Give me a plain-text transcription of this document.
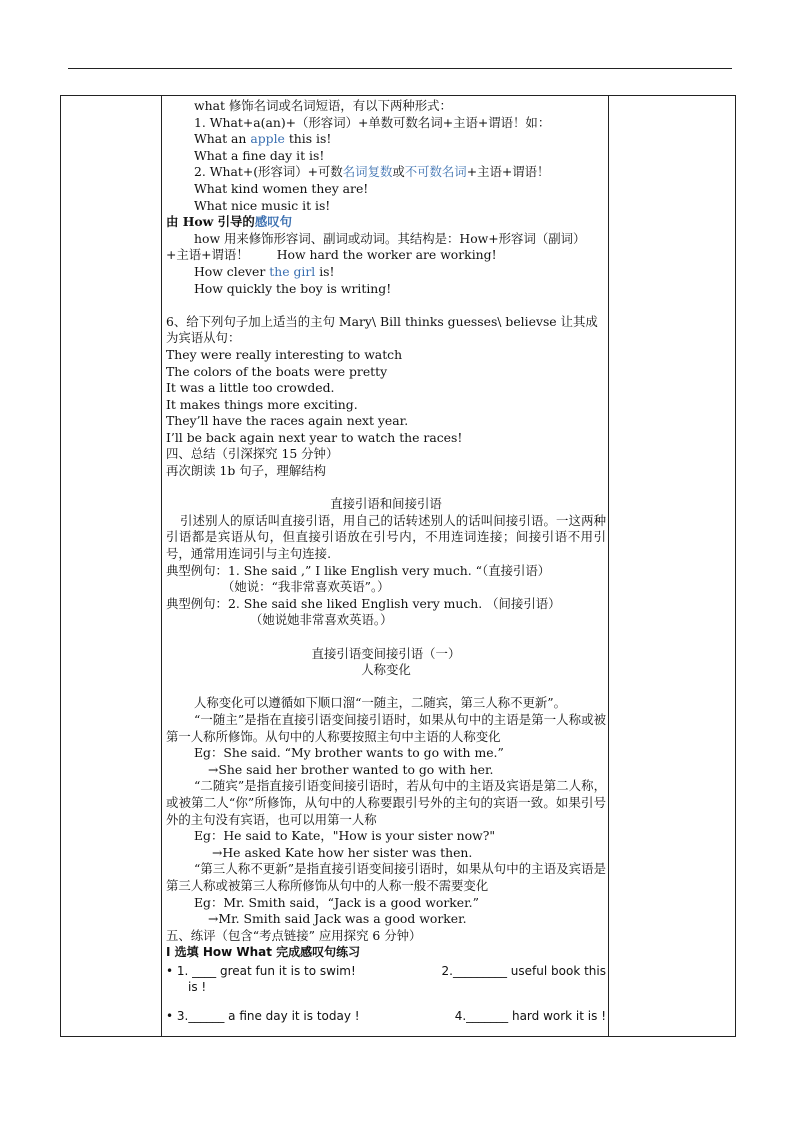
what 修饰名词或名词短语，有以下两种形式：
1. What+a(an)+（形容词）+单数可数名词+主语+谓语！如：
What an apple this is!
What a fine day it is!
2. What+(形容词）+可数名词复数或不可数名词+主语+谓语！
What kind women they are!
What nice music it is!
由 How 引导的感叹句
how 用来修饰形容词、副词或动词。其结构是：How+形容词（副词）
+主语+谓语！ How hard the worker are working!
How clever the girl is!
How quickly the boy is writing!
6、给下列句子加上适当的主句 Mary\ Bill thinks guesses\ believse 让其成
为宾语从句：
They were really interesting to watch
The colors of the boats were pretty
It was a little too crowded.
It makes things more exciting.
They’ll have the races again next year.
I’ll be back again next year to watch the races!
四、总结（引深探究 15 分钟）
再次朗读 1b 句子，理解结构
直接引语和间接引语
引述别人的原话叫直接引语，用自己的话转述别人的话叫间接引语。一这两种引语都是宾语从句，但直接引语放在引号内，不用连词连接；间接引语不用引号，通常用连词引与主句连接.
典型例句：1. She said ,” I like English very much. “（直接引语）
（她说：“我非常喜欢英语”。）
典型例句：2. She said she liked English very much. （间接引语）
（她说她非常喜欢英语。）
直接引语变间接引语（一）
人称变化
人称变化可以遵循如下顺口溜“一随主，二随宾，第三人称不更新”。
“一随主”是指在直接引语变间接引语时，如果从句中的主语是第一人称或被第一人称所修饰。从句中的人称要按照主句中主语的人称变化
Eg：She said. “My brother wants to go with me.”
→She said her brother wanted to go with her.
“二随宾”是指直接引语变间接引语时，若从句中的主语及宾语是第二人称，或被第二人“你”所修饰，从句中的人称要跟引号外的主句的宾语一致。如果引号外的主句没有宾语，也可以用第一人称
Eg：He said to Kate，"How is your sister now?"
→He asked Kate how her sister was then.
“第三人称不更新”是指直接引语变间接引语时，如果从句中的主语及宾语是第三人称或被第三人称所修饰从句中的人称一般不需要变化
Eg：Mr. Smith said，“Jack is a good worker.”
→Mr. Smith said Jack was a good worker.
五、练评（包含“考点链接” 应用探究 6 分钟）
Ⅰ 选填 How What 完成感叹句练习
• 1. ____ great fun it is to swim!	2._________ useful book this
is !
• 3.______ a fine day it is today !	4._______ hard work it is !
